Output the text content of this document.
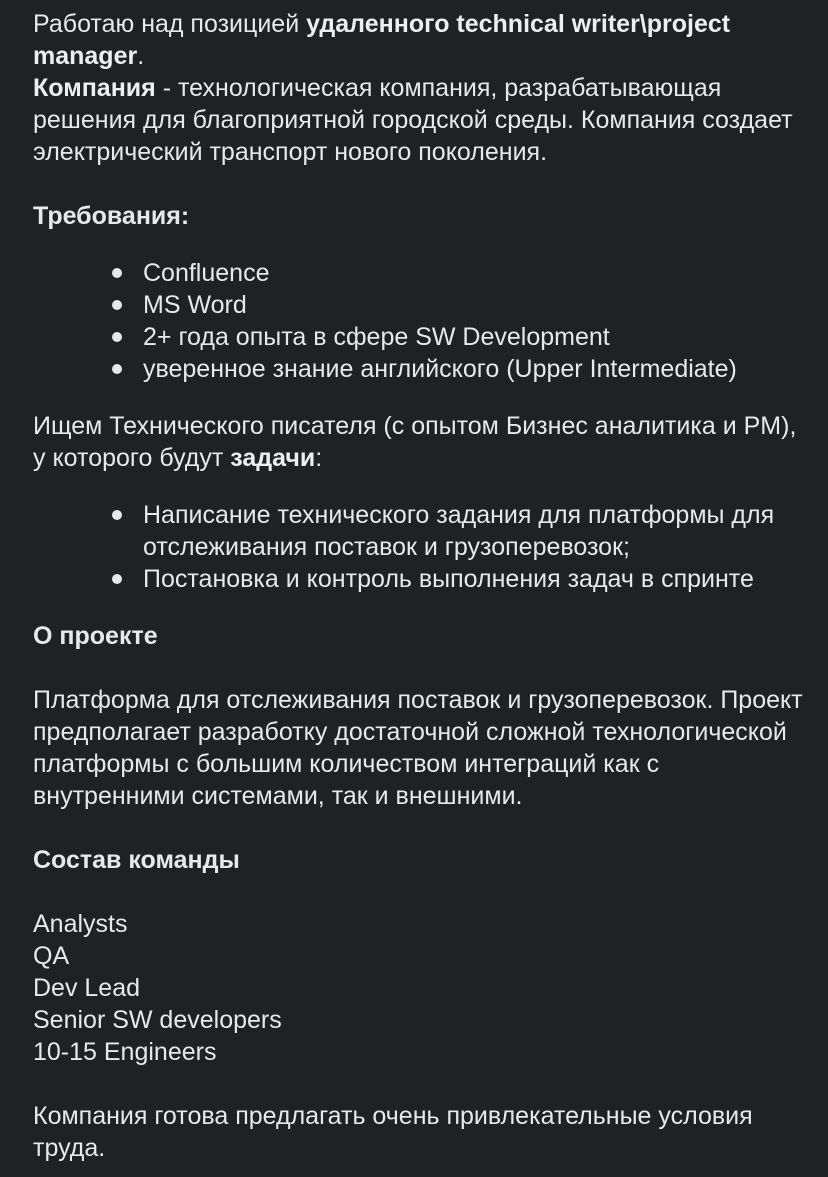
Работаю над позицией удаленного technical writer\project manager.

Компания - технологическая компания, разрабатывающая решения для благоприятной городской среды. Компания создает электрический транспорт нового поколения.

Требования:

Confluence
MS Word
2+ года опыта в сфере SW Development
уверенное знание английского (Upper Intermediate)

Ищем Технического писателя (с опытом Бизнес аналитика и PM), у которого будут задачи:

Написание технического задания для платформы для отслеживания поставок и грузоперевозок;
Постановка и контроль выполнения задач в спринте

О проекте

Платформа для отслеживания поставок и грузоперевозок. Проект предполагает разработку достаточной сложной технологической платформы с большим количеством интеграций как с внутренними системами, так и внешними.

Состав команды

Analysts
QA
Dev Lead
Senior SW developers
10-15 Engineers

Компания готова предлагать очень привлекательные условия труда.
